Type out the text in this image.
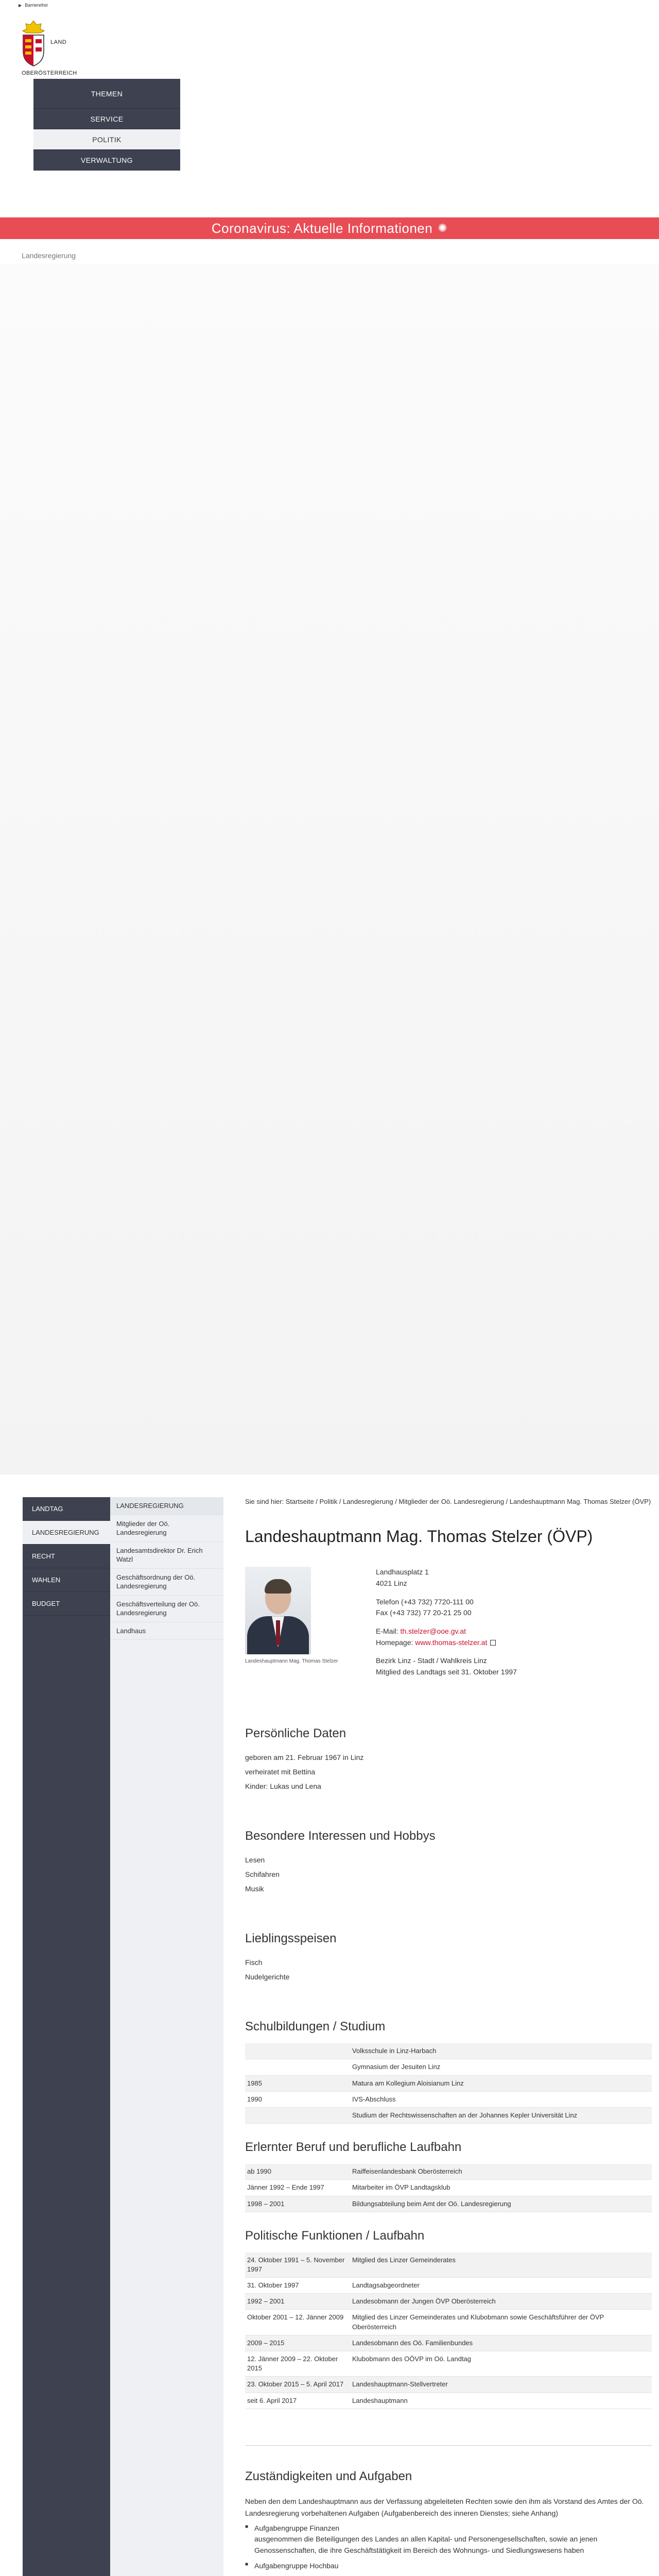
▶ Barrierefrei
LAND
OBERÖSTERREICH
THEMEN
SERVICE
POLITIK
VERWALTUNG
Coronavirus: Aktuelle Informationen ✺
Landesregierung
LANDTAG
LANDESREGIERUNG
RECHT
WAHLEN
BUDGET
LANDESREGIERUNG
Mitglieder der Oö. Landesregierung
Landesamtsdirektor Dr. Erich Watzl
Geschäftsordnung der Oö. Landesregierung
Geschäftsverteilung der Oö. Landesregierung
Landhaus
Sie sind hier: Startseite / Politik / Landesregierung / Mitglieder der Oö. Landesregierung / Landeshauptmann Mag. Thomas Stelzer (ÖVP)
Landeshauptmann Mag. Thomas Stelzer (ÖVP)
Landeshauptmann Mag. Thomas Stelzer
Landhausplatz 1
4021 Linz
Telefon (+43 732) 7720-111 00
Fax (+43 732) 77 20-21 25 00
E-Mail: th.stelzer@ooe.gv.at
Homepage: www.thomas-stelzer.at
Bezirk Linz - Stadt / Wahlkreis Linz
Mitglied des Landtags seit 31. Oktober 1997
Persönliche Daten
geboren am 21. Februar 1967 in Linz
verheiratet mit Bettina
Kinder: Lukas und Lena
Besondere Interessen und Hobbys
Lesen
Schifahren
Musik
Lieblingsspeisen
Fisch
Nudelgerichte
Schulbildungen / Studium
	Volksschule in Linz-Harbach
	Gymnasium der Jesuiten Linz
1985	Matura am Kollegium Aloisianum Linz
1990	IVS-Abschluss
	Studium der Rechtswissenschaften an der Johannes Kepler Universität Linz
Erlernter Beruf und berufliche Laufbahn
ab 1990	Raiffeisenlandesbank Oberösterreich
Jänner 1992 – Ende 1997	Mitarbeiter im ÖVP Landtagsklub
1998 – 2001	Bildungsabteilung beim Amt der Oö. Landesregierung
Politische Funktionen / Laufbahn
24. Oktober 1991 – 5. November 1997	Mitglied des Linzer Gemeinderates
31. Oktober 1997	Landtagsabgeordneter
1992 – 2001	Landesobmann der Jungen ÖVP Oberösterreich
Oktober 2001 – 12. Jänner 2009	Mitglied des Linzer Gemeinderates und Klubobmann sowie Geschäftsführer der ÖVP Oberösterreich
2009 – 2015	Landesobmann des Oö. Familienbundes
12. Jänner 2009 – 22. Oktober 2015	Klubobmann des OÖVP im Oö. Landtag
23. Oktober 2015 – 5. April 2017	Landeshauptmann-Stellvertreter
seit 6. April 2017	Landeshauptmann
Zuständigkeiten und Aufgaben

Neben den dem Landeshauptmann aus der Verfassung abgeleiteten Rechten sowie den ihm als Vorstand des Amtes der Oö. Landesregierung vorbehaltenen Aufgaben (Aufgabenbereich des inneren Dienstes; siehe Anhang)

■ Aufgabengruppe Finanzen
ausgenommen die Beteiligungen des Landes an allen Kapital- und Personengesellschaften, sowie an jenen Genossenschaften, die ihre Geschäftstätigkeit im Bereich des Wohnungs- und Siedlungswesens haben
■ Aufgabengruppe Hochbau
■
